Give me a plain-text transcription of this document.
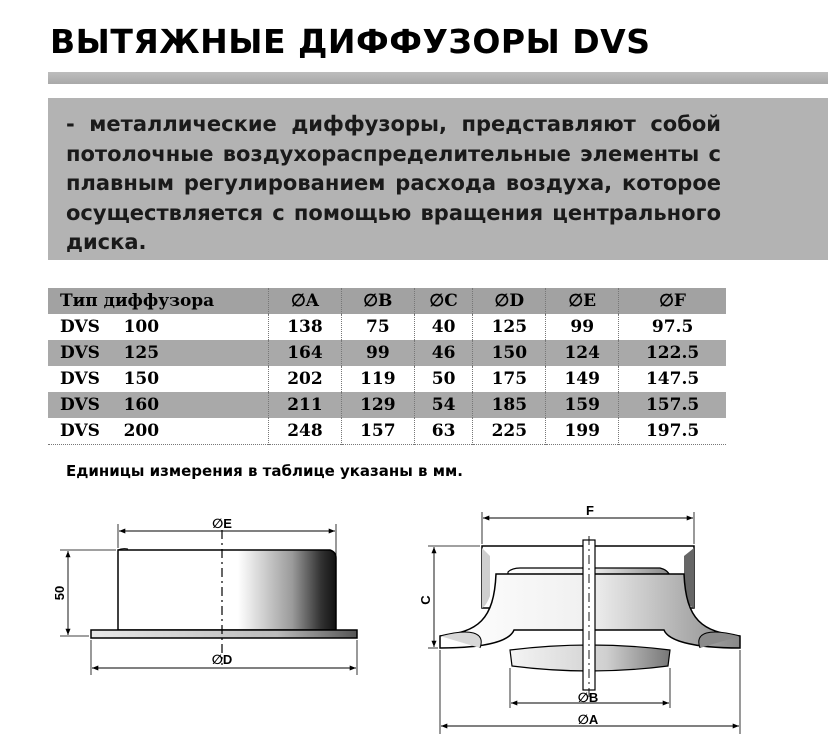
ВЫТЯЖНЫЕ ДИФФУЗОРЫ DVS
- металлические диффузоры, представляют собой потолочные воздухораспределительные элементы с плавным регулированием расхода воздуха, которое осуществляется с помощью вращения центрального диска.
Тип диффузора	∅A	∅B	∅C	∅D	∅E	∅F
DVS    100	138	75	40	125	99	97.5
DVS    125	164	99	46	150	124	122.5
DVS    150	202	119	50	175	149	147.5
DVS    160	211	129	54	185	159	157.5
DVS    200	248	157	63	225	199	197.5
Единицы измерения в таблице указаны в мм.
∅E
∅D
50
F
C
∅B
∅A
